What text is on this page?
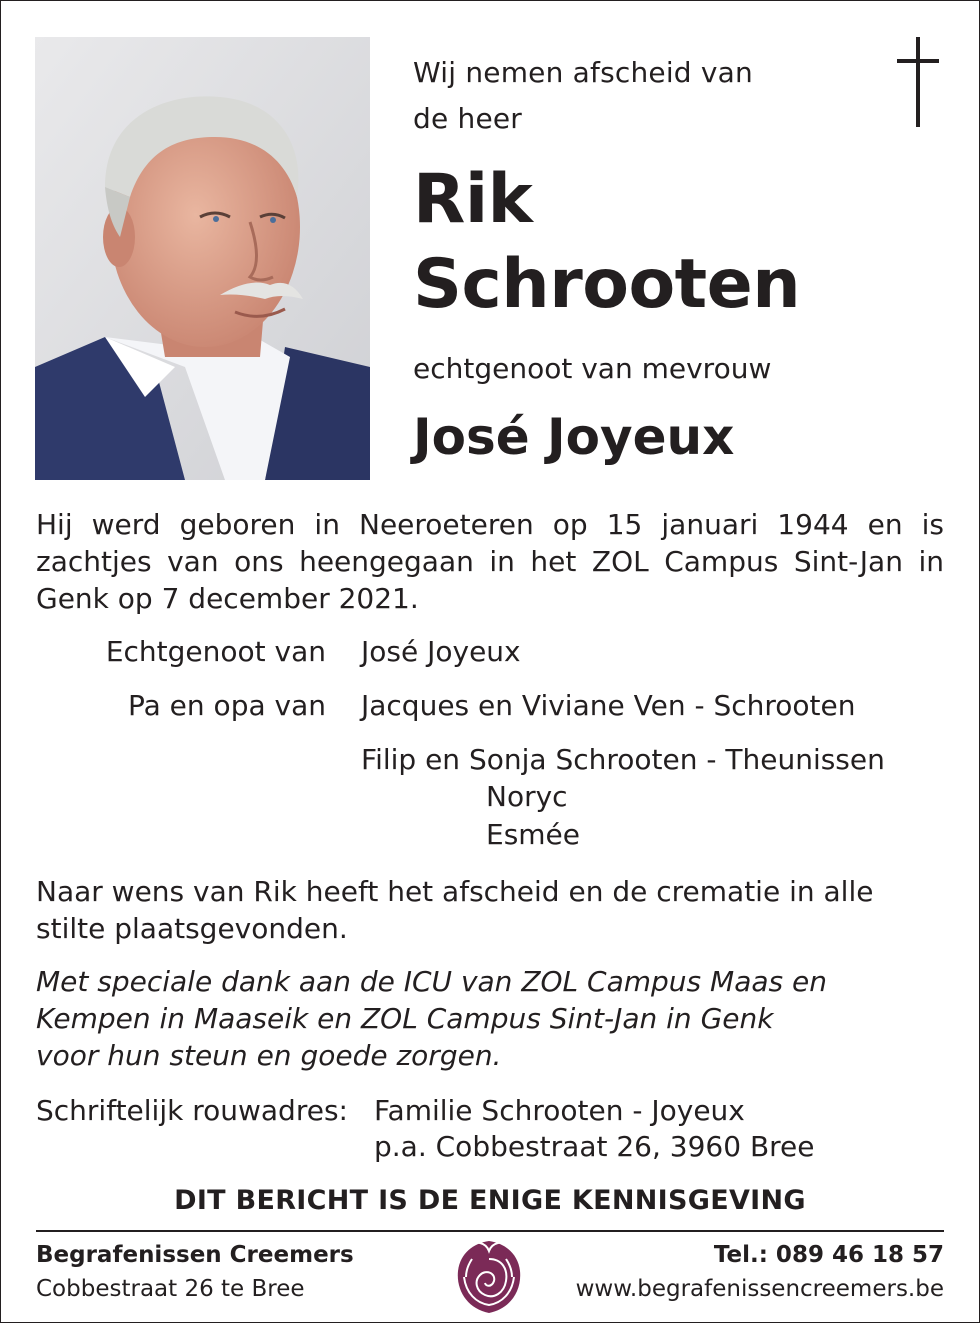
Wij nemen afscheid van
de heer
Rik
Schrooten
echtgenoot van mevrouw
José Joyeux
Hij werd geboren in Neeroeteren op 15 januari 1944 en is zachtjes van ons heengegaan in het ZOL Campus Sint-Jan in Genk op 7 december 2021.
Echtgenoot van José Joyeux
Pa en opa van Jacques en Viviane Ven - Schrooten
Filip en Sonja Schrooten - Theunissen
Noryc
Esmée
Naar wens van Rik heeft het afscheid en de crematie in alle stilte plaatsgevonden.
Met speciale dank aan de ICU van ZOL Campus Maas en
Kempen in Maaseik en ZOL Campus Sint-Jan in Genk
voor hun steun en goede zorgen.
Schriftelijk rouwadres: Familie Schrooten - Joyeux
p.a. Cobbestraat 26, 3960 Bree
DIT BERICHT IS DE ENIGE KENNISGEVING
Begrafenissen Creemers
Cobbestraat 26 te Bree
Tel.: 089 46 18 57
www.begrafenissencreemers.be
